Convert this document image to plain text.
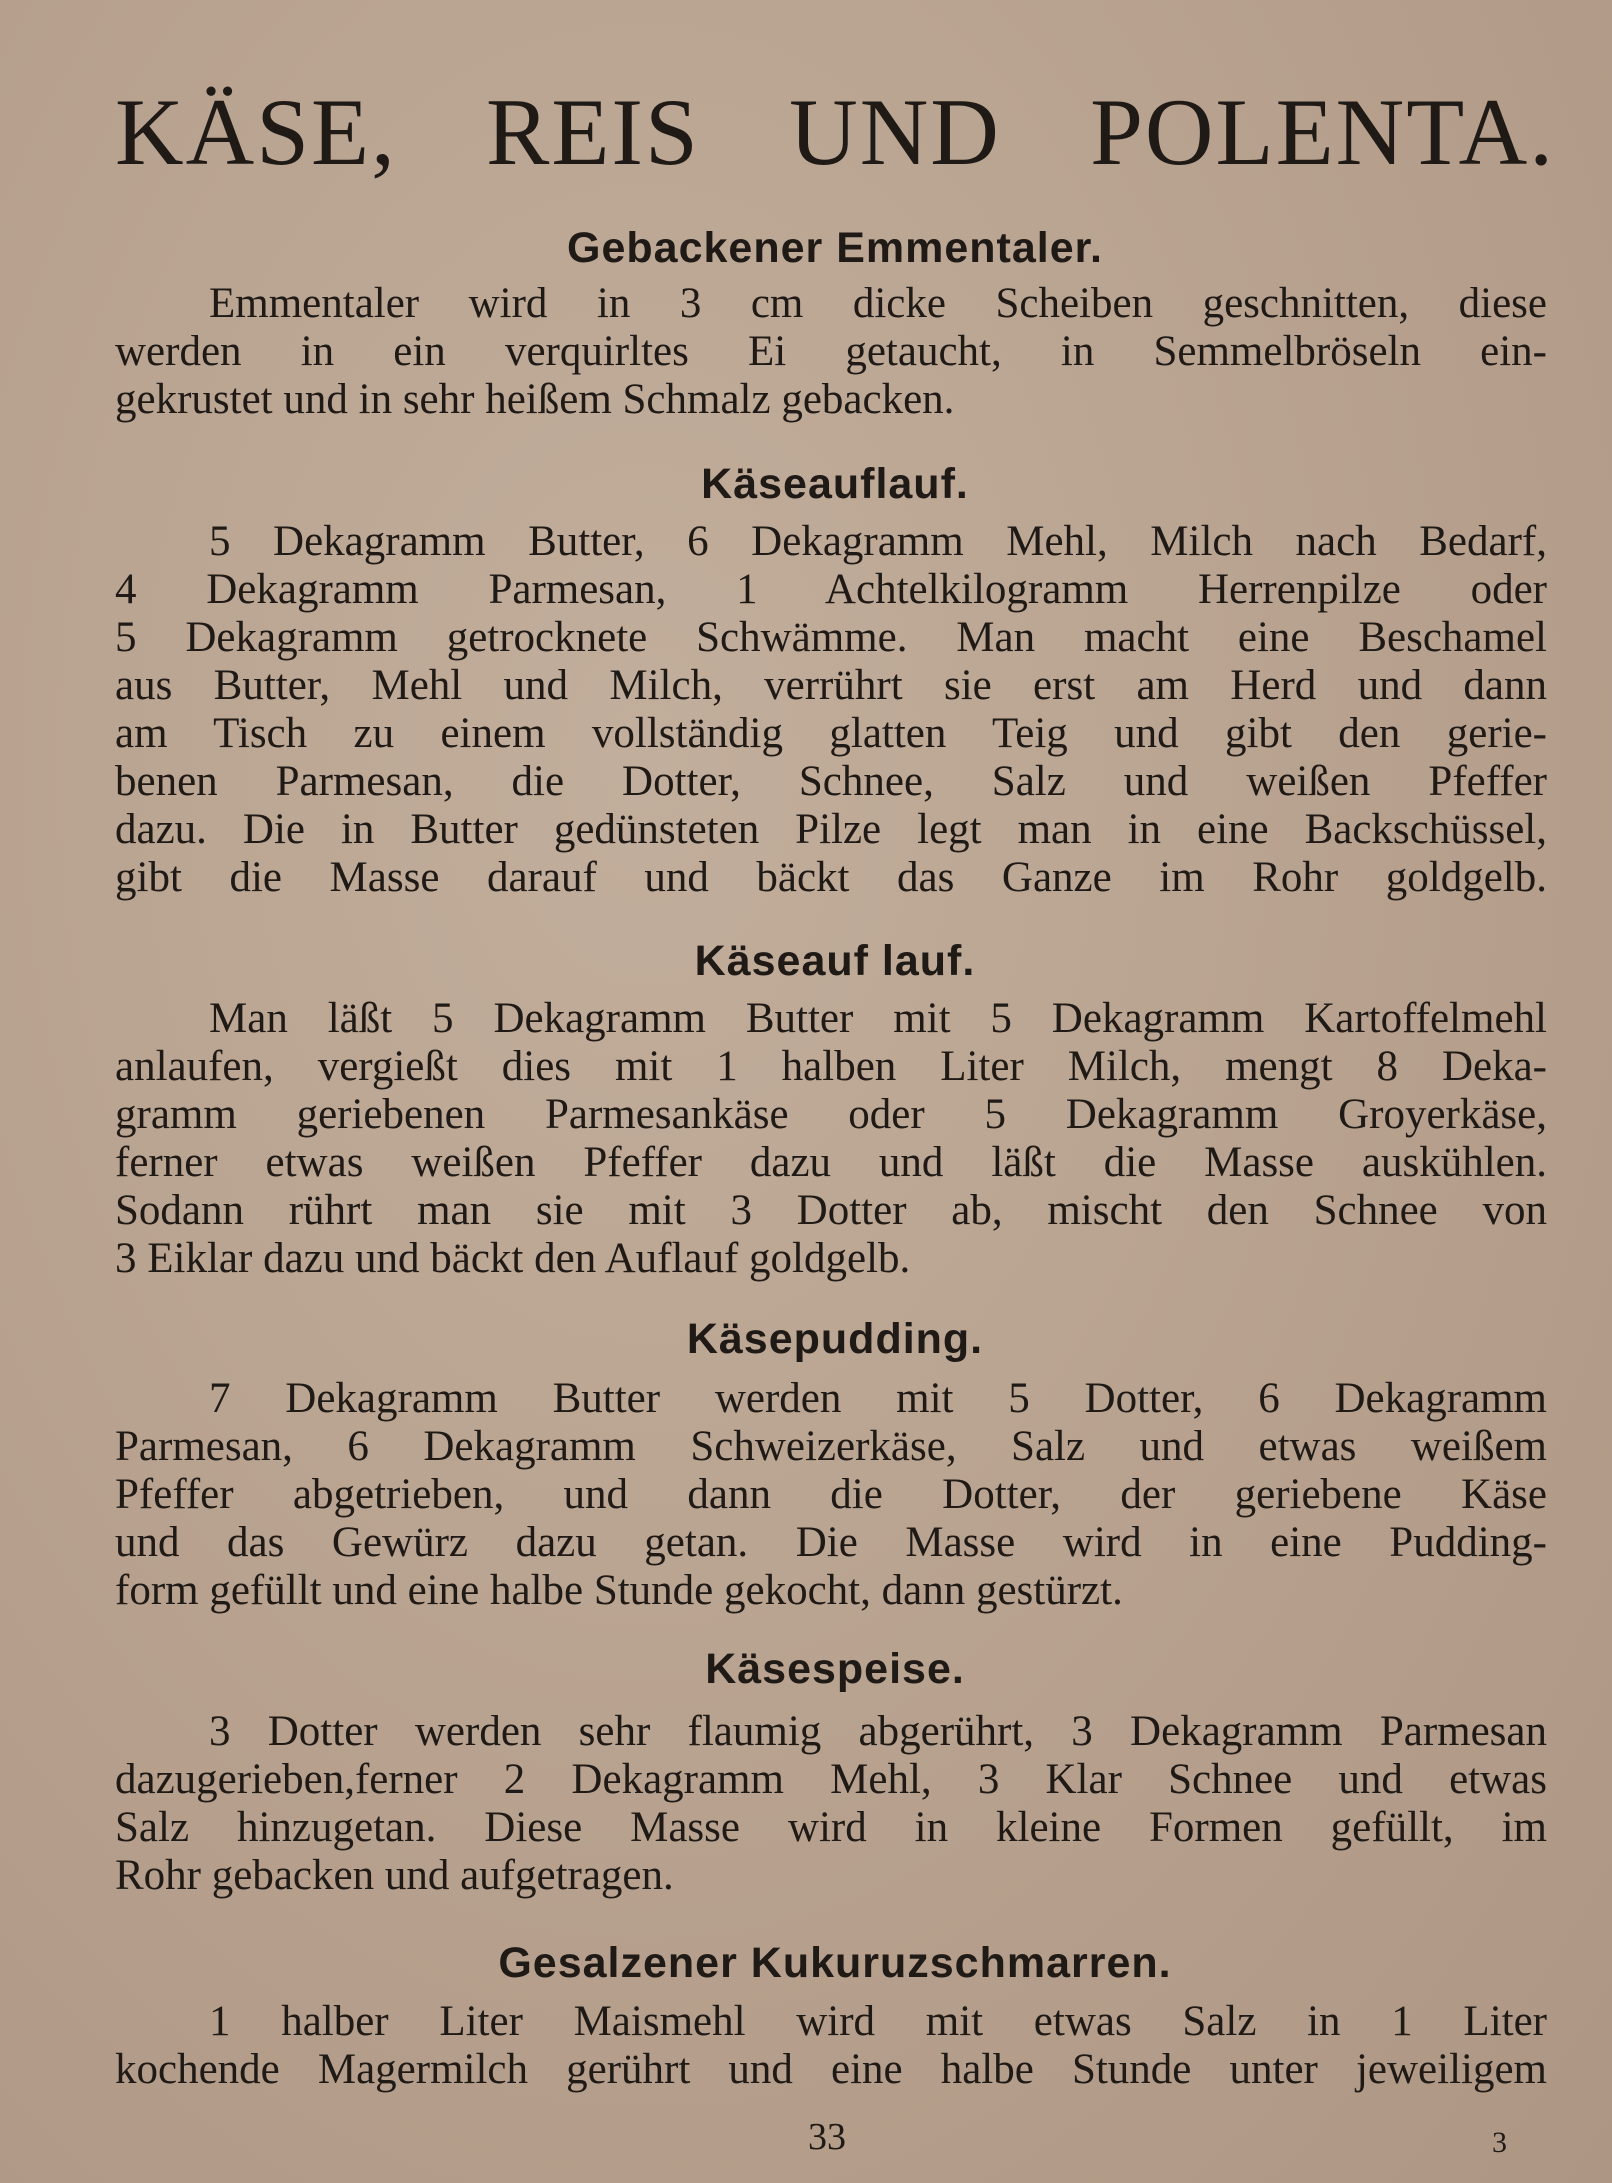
KÄSE, REIS UND POLENTA.
Gebackener Emmentaler.
Emmentaler wird in 3 cm dicke Scheiben geschnitten, diese
werden in ein verquirltes Ei getaucht, in Semmelbröseln ein-
gekrustet und in sehr heißem Schmalz gebacken.
Käseauflauf.
5 Dekagramm Butter, 6 Dekagramm Mehl, Milch nach Bedarf,
4 Dekagramm Parmesan, 1 Achtelkilogramm Herrenpilze oder
5 Dekagramm getrocknete Schwämme. Man macht eine Beschamel
aus Butter, Mehl und Milch, verrührt sie erst am Herd und dann
am Tisch zu einem vollständig glatten Teig und gibt den gerie-
benen Parmesan, die Dotter, Schnee, Salz und weißen Pfeffer
dazu. Die in Butter gedünsteten Pilze legt man in eine Backschüssel,
gibt die Masse darauf und bäckt das Ganze im Rohr goldgelb.
Käseauf lauf.
Man läßt 5 Dekagramm Butter mit 5 Dekagramm Kartoffelmehl
anlaufen, vergießt dies mit 1 halben Liter Milch, mengt 8 Deka-
gramm geriebenen Parmesankäse oder 5 Dekagramm Groyerkäse,
ferner etwas weißen Pfeffer dazu und läßt die Masse auskühlen.
Sodann rührt man sie mit 3 Dotter ab, mischt den Schnee von
3 Eiklar dazu und bäckt den Auflauf goldgelb.
Käsepudding.
7 Dekagramm Butter werden mit 5 Dotter, 6 Dekagramm
Parmesan, 6 Dekagramm Schweizerkäse, Salz und etwas weißem
Pfeffer abgetrieben, und dann die Dotter, der geriebene Käse
und das Gewürz dazu getan. Die Masse wird in eine Pudding-
form gefüllt und eine halbe Stunde gekocht, dann gestürzt.
Käsespeise.
3 Dotter werden sehr flaumig abgerührt, 3 Dekagramm Parmesan
dazugerieben,ferner 2 Dekagramm Mehl, 3 Klar Schnee und etwas
Salz hinzugetan. Diese Masse wird in kleine Formen gefüllt, im
Rohr gebacken und aufgetragen.
Gesalzener Kukuruzschmarren.
1 halber Liter Maismehl wird mit etwas Salz in 1 Liter
kochende Magermilch gerührt und eine halbe Stunde unter jeweiligem
33	3
